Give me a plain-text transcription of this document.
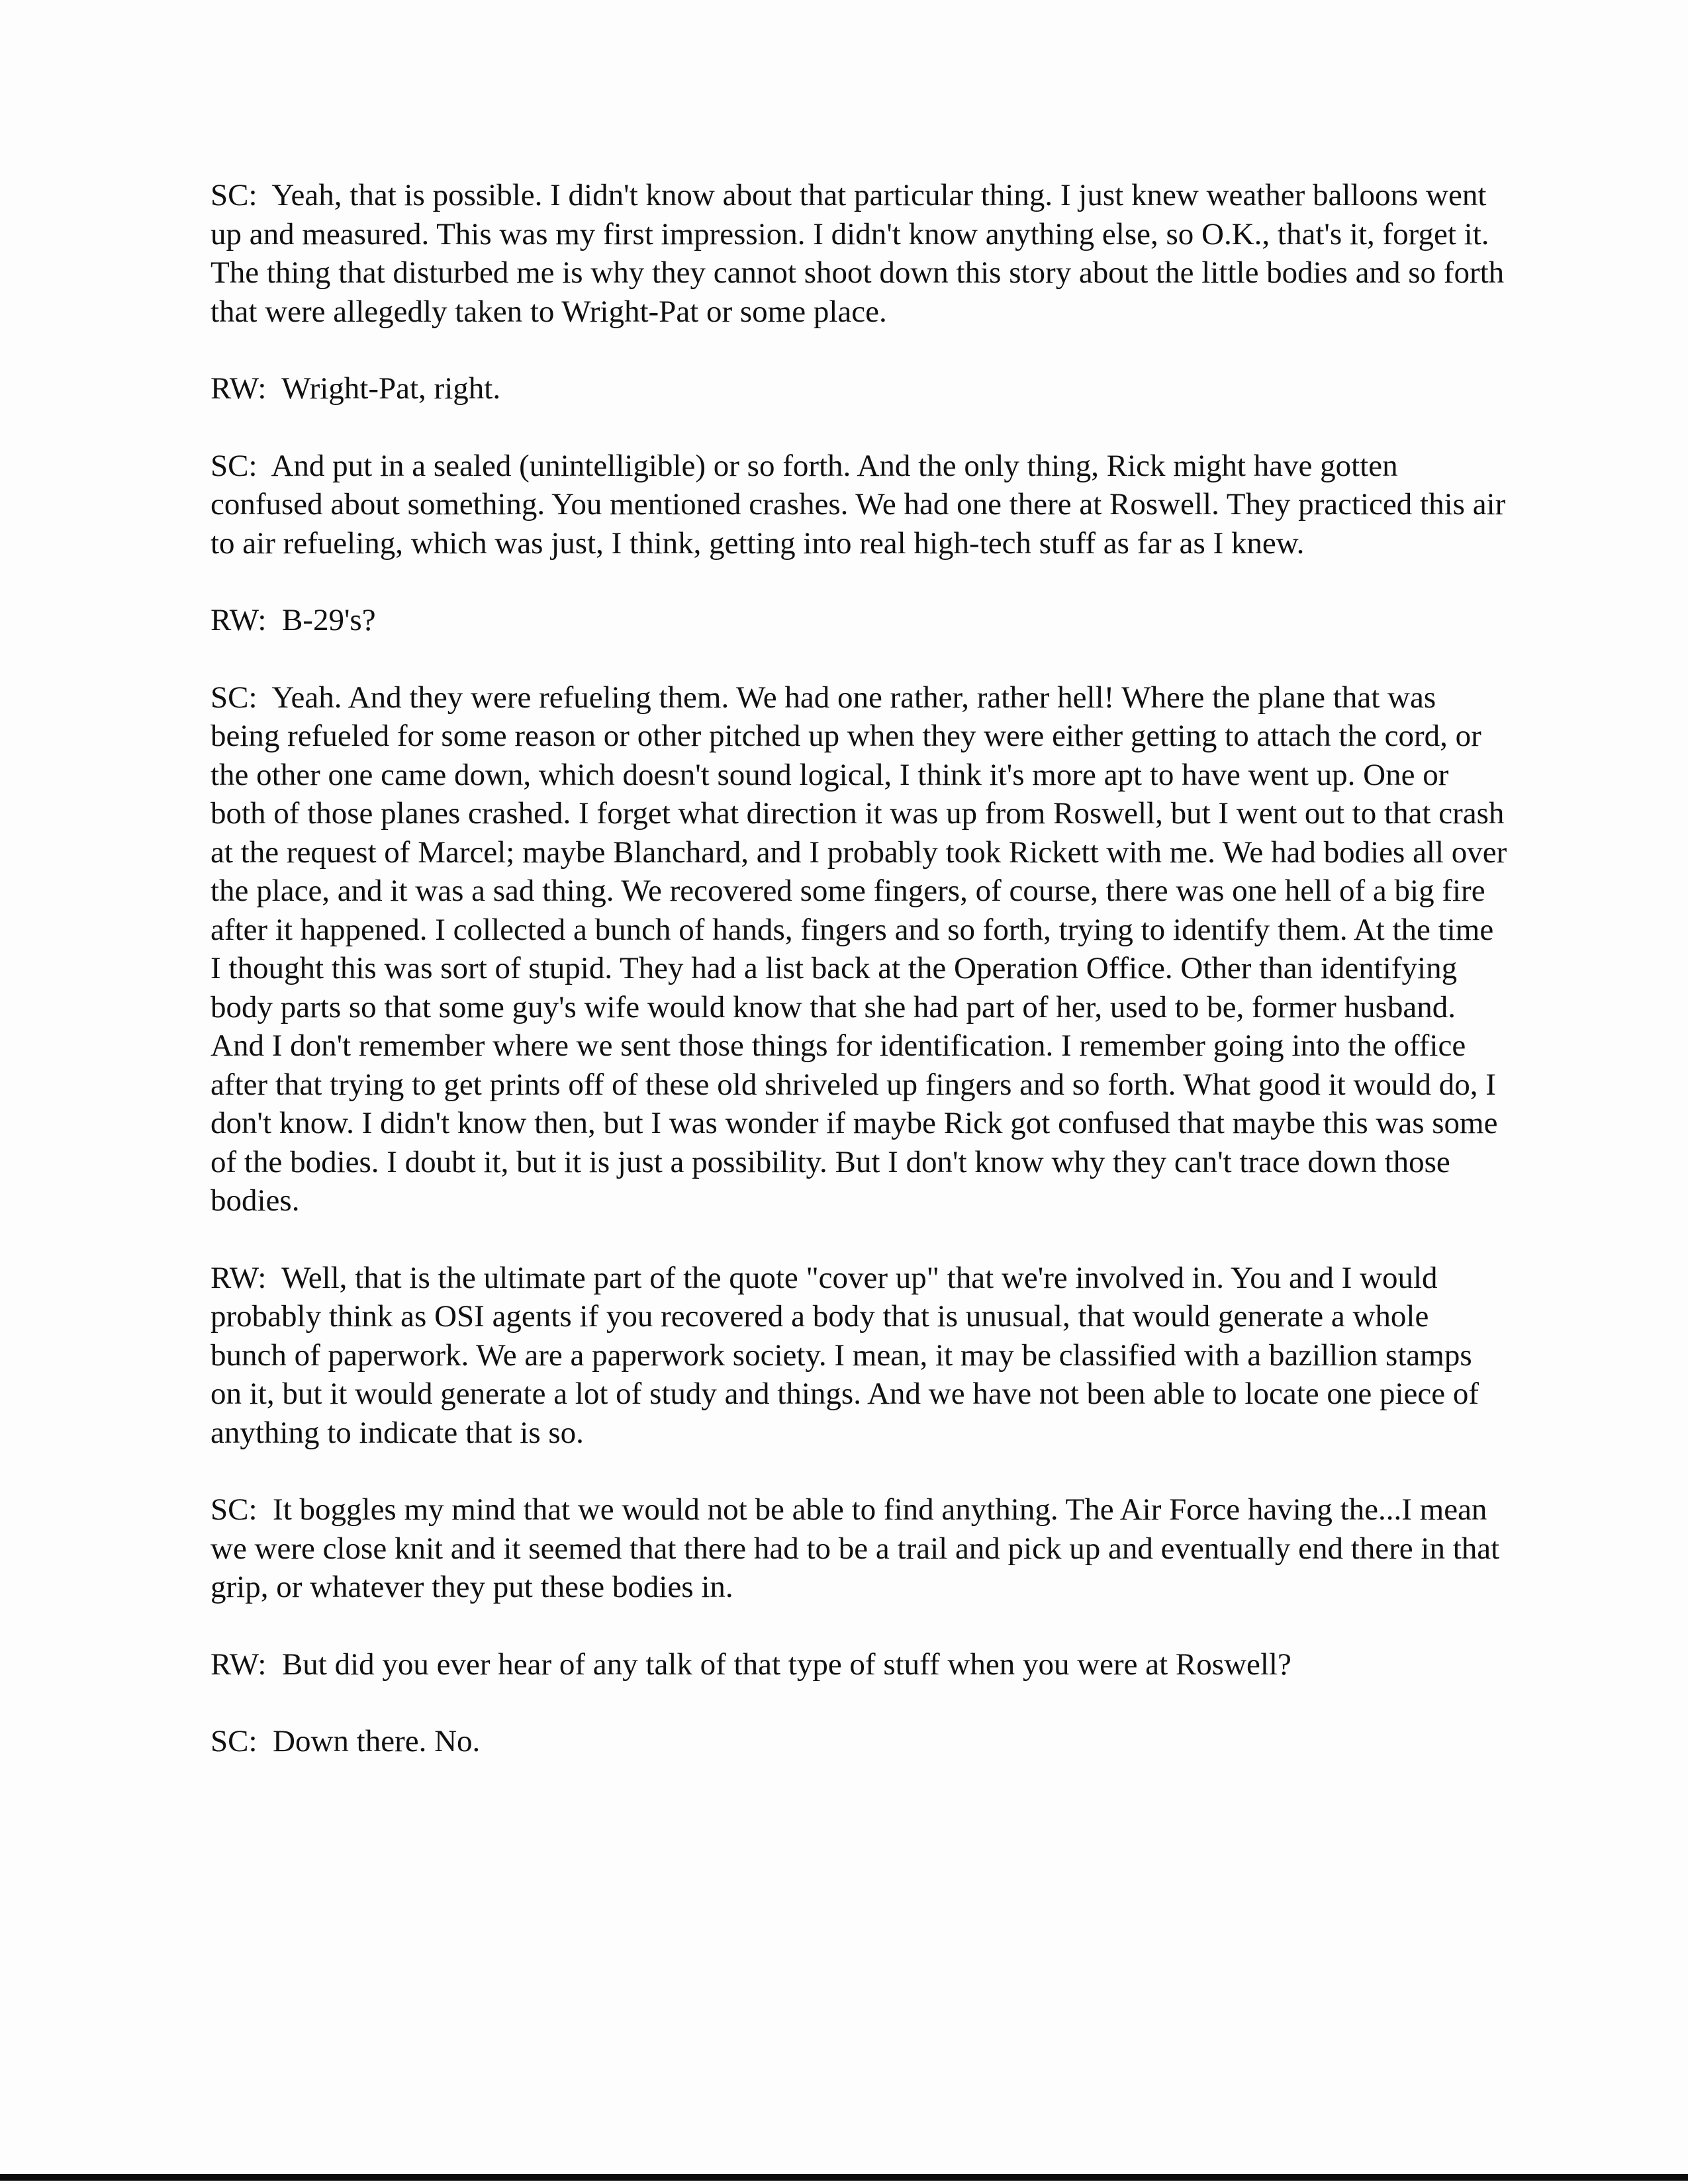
SC: Yeah, that is possible. I didn't know about that particular thing. I just knew weather balloons went up and measured. This was my first impression. I didn't know anything else, so O.K., that's it, forget it. The thing that disturbed me is why they cannot shoot down this story about the little bodies and so forth that were allegedly taken to Wright-Pat or some place.

RW: Wright-Pat, right.

SC: And put in a sealed (unintelligible) or so forth. And the only thing, Rick might have gotten confused about something. You mentioned crashes. We had one there at Roswell. They practiced this air to air refueling, which was just, I think, getting into real high-tech stuff as far as I knew.

RW: B-29's?

SC: Yeah. And they were refueling them. We had one rather, rather hell! Where the plane that was being refueled for some reason or other pitched up when they were either getting to attach the cord, or the other one came down, which doesn't sound logical, I think it's more apt to have went up. One or both of those planes crashed. I forget what direction it was up from Roswell, but I went out to that crash at the request of Marcel; maybe Blanchard, and I probably took Rickett with me. We had bodies all over the place, and it was a sad thing. We recovered some fingers, of course, there was one hell of a big fire after it happened. I collected a bunch of hands, fingers and so forth, trying to identify them. At the time I thought this was sort of stupid. They had a list back at the Operation Office. Other than identifying body parts so that some guy's wife would know that she had part of her, used to be, former husband. And I don't remember where we sent those things for identification. I remember going into the office after that trying to get prints off of these old shriveled up fingers and so forth. What good it would do, I don't know. I didn't know then, but I was wonder if maybe Rick got confused that maybe this was some of the bodies. I doubt it, but it is just a possibility. But I don't know why they can't trace down those bodies.

RW: Well, that is the ultimate part of the quote "cover up" that we're involved in. You and I would probably think as OSI agents if you recovered a body that is unusual, that would generate a whole bunch of paperwork. We are a paperwork society. I mean, it may be classified with a bazillion stamps on it, but it would generate a lot of study and things. And we have not been able to locate one piece of anything to indicate that is so.

SC: It boggles my mind that we would not be able to find anything. The Air Force having the...I mean we were close knit and it seemed that there had to be a trail and pick up and eventually end there in that grip, or whatever they put these bodies in.

RW: But did you ever hear of any talk of that type of stuff when you were at Roswell?

SC: Down there. No.
